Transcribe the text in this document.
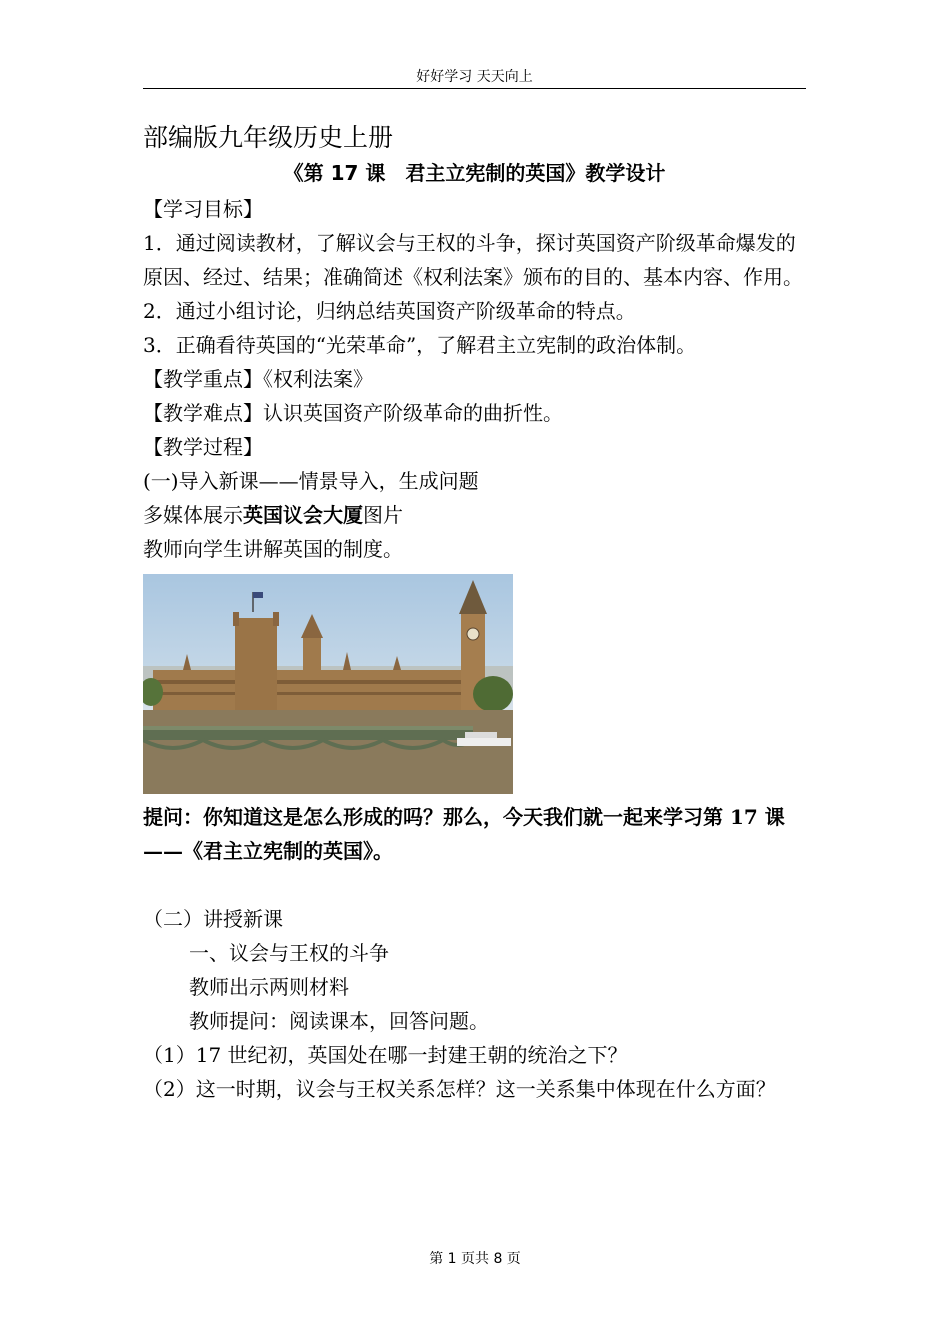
好好学习 天天向上
部编版九年级历史上册
《第 17 课　君主立宪制的英国》教学设计

【学习目标】

1．通过阅读教材，了解议会与王权的斗争，探讨英国资产阶级革命爆发的原因、经过、结果；准确简述《权利法案》颁布的目的、基本内容、作用。

2．通过小组讨论，归纳总结英国资产阶级革命的特点。

3．正确看待英国的“光荣革命”，了解君主立宪制的政治体制。

【教学重点】《权利法案》

【教学难点】认识英国资产阶级革命的曲折性。

【教学过程】

(一)导入新课——情景导入，生成问题

多媒体展示英国议会大厦图片

教师向学生讲解英国的制度。

提问：你知道这是怎么形成的吗？那么，今天我们就一起来学习第 17 课——《君主立宪制的英国》。

（二）讲授新课

一、议会与王权的斗争

教师出示两则材料

教师提问：阅读课本，回答问题。

（1）17 世纪初，英国处在哪一封建王朝的统治之下？

（2）这一时期，议会与王权关系怎样？这一关系集中体现在什么方面？

第 1 页共 8 页
